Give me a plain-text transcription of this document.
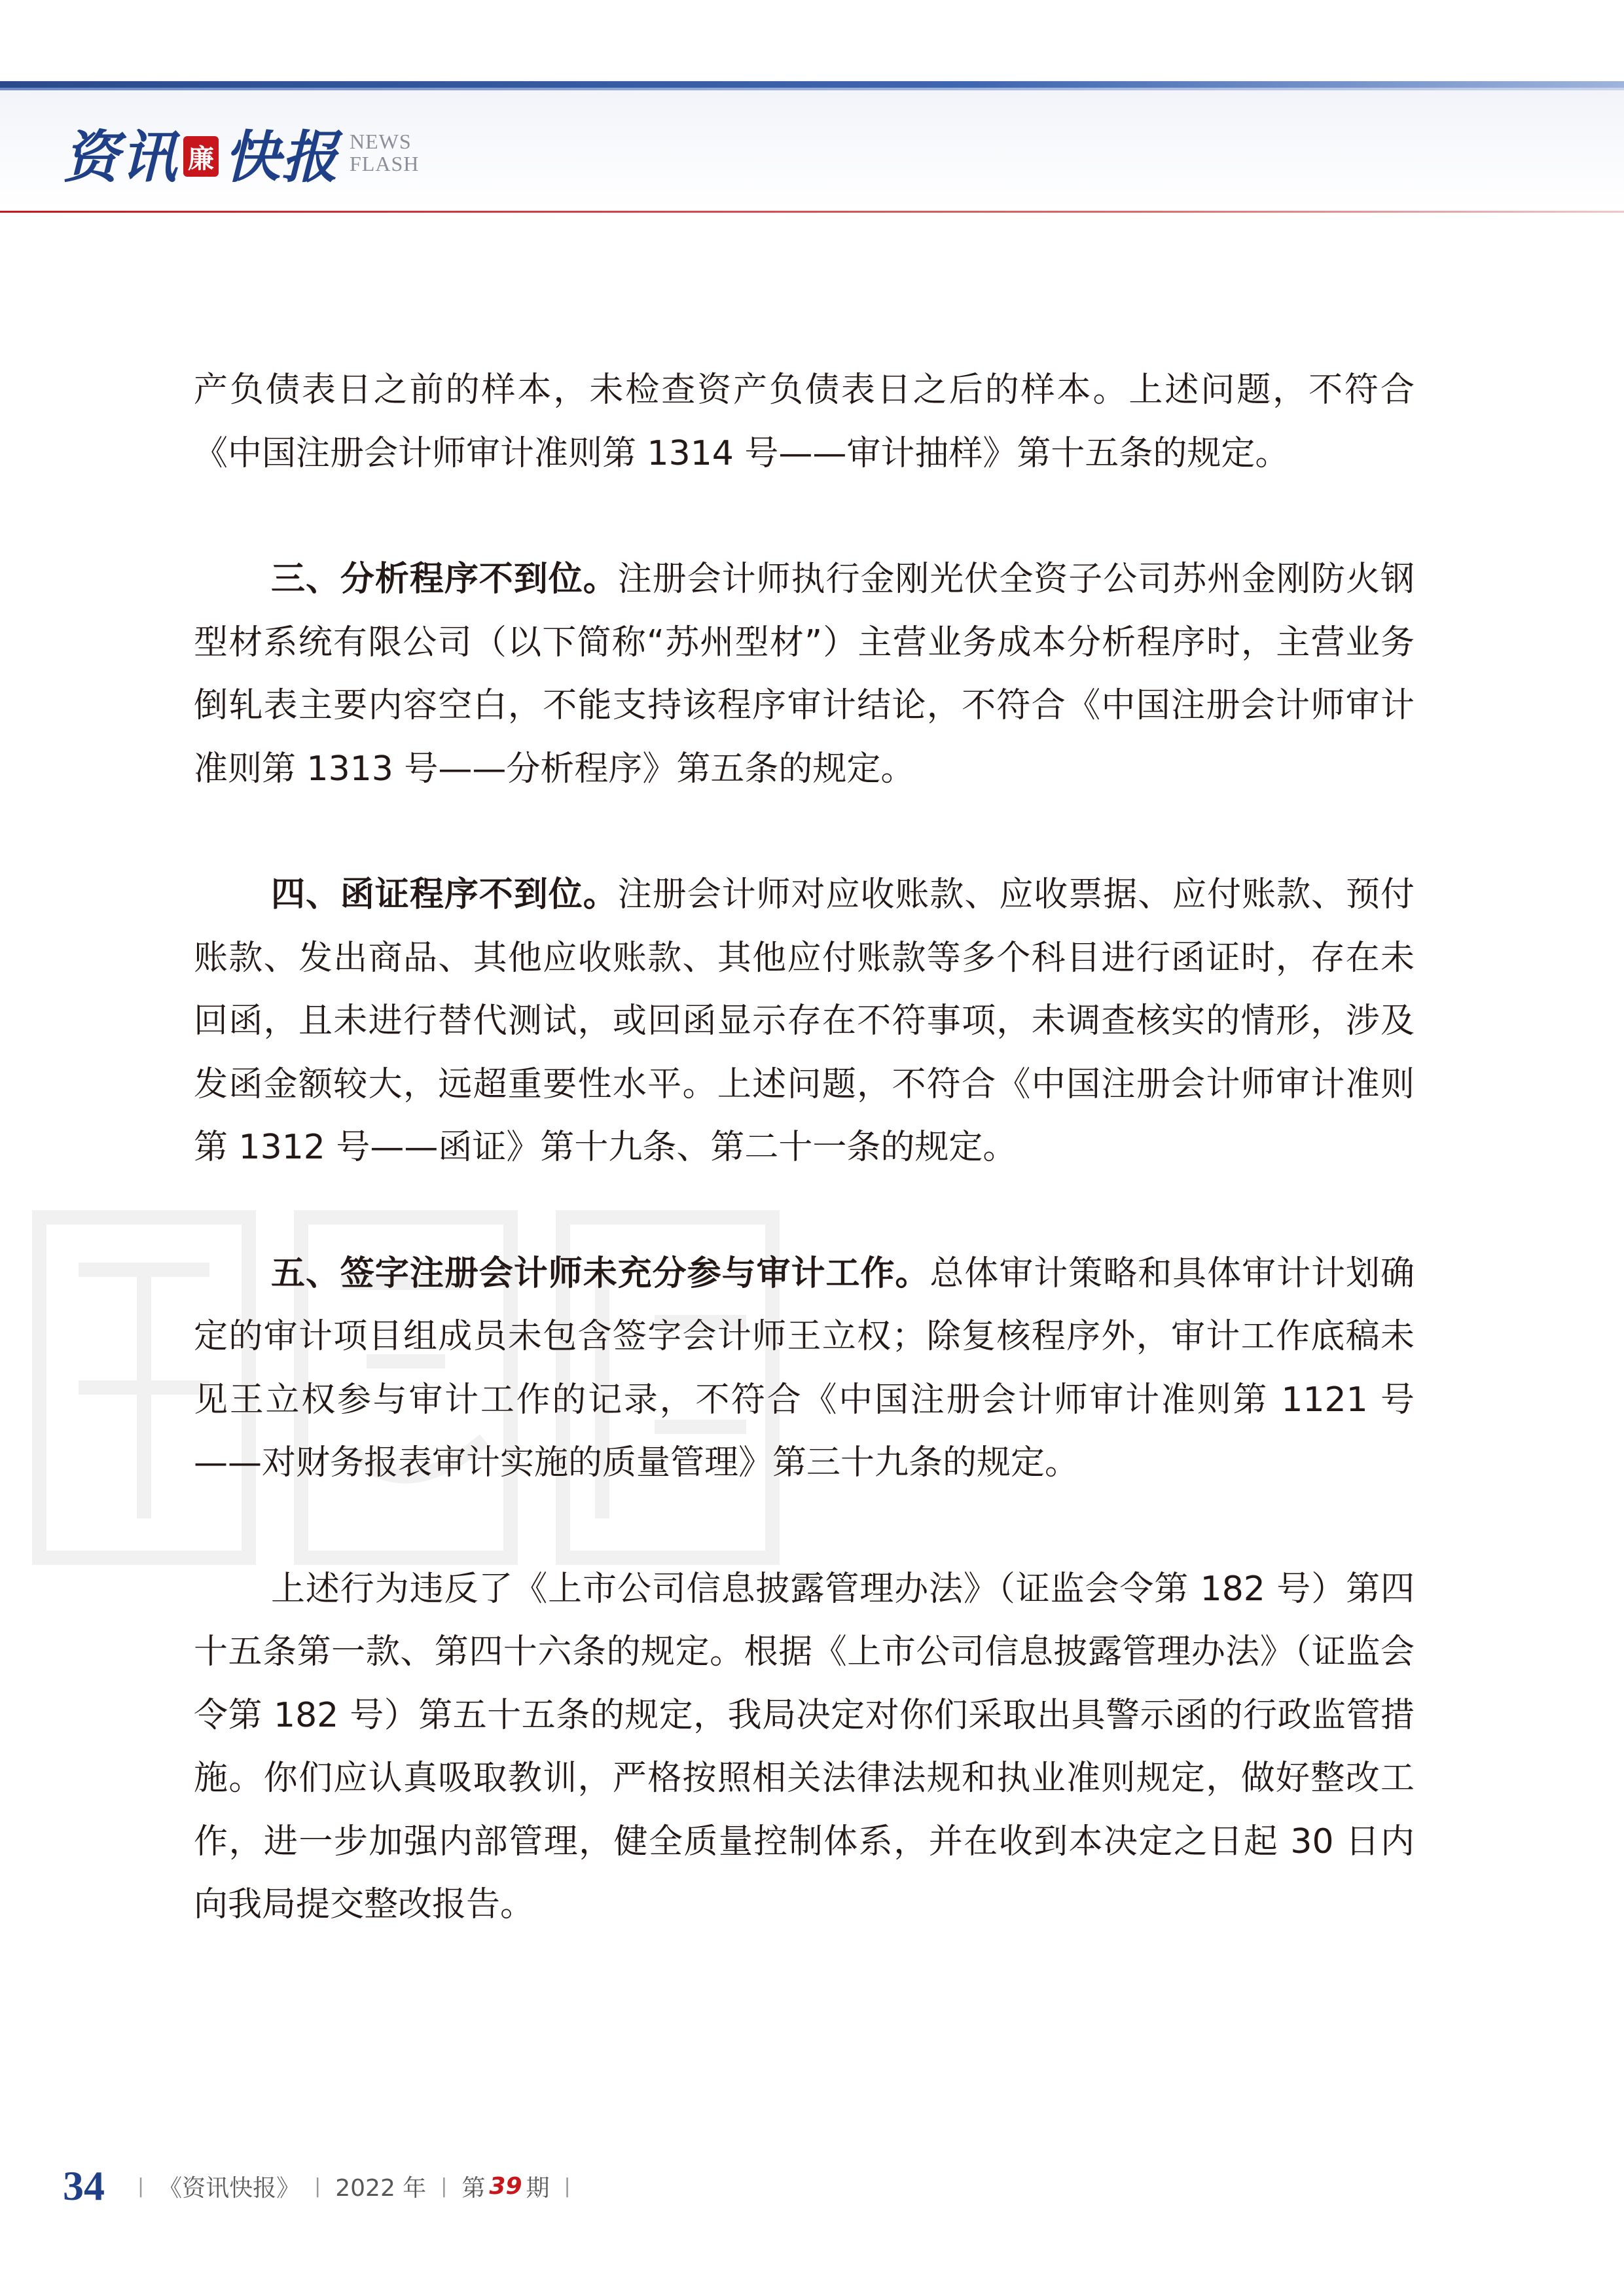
资讯 廉 快报 NEWS
FLASH

产负债表日之前的样本，未检查资产负债表日之后的样本。上述问题，不符合《中国注册会计师审计准则第 1314 号——审计抽样》第十五条的规定。

三、分析程序不到位。注册会计师执行金刚光伏全资子公司苏州金刚防火钢型材系统有限公司（以下简称“苏州型材”）主营业务成本分析程序时，主营业务倒轧表主要内容空白，不能支持该程序审计结论，不符合《中国注册会计师审计准则第 1313 号——分析程序》第五条的规定。

四、函证程序不到位。注册会计师对应收账款、应收票据、应付账款、预付账款、发出商品、其他应收账款、其他应付账款等多个科目进行函证时，存在未回函，且未进行替代测试，或回函显示存在不符事项，未调查核实的情形，涉及发函金额较大，远超重要性水平。上述问题，不符合《中国注册会计师审计准则第 1312 号——函证》第十九条、第二十一条的规定。

五、签字注册会计师未充分参与审计工作。总体审计策略和具体审计计划确定的审计项目组成员未包含签字会计师王立权；除复核程序外，审计工作底稿未见王立权参与审计工作的记录，不符合《中国注册会计师审计准则第 1121 号——对财务报表审计实施的质量管理》第三十九条的规定。

上述行为违反了《上市公司信息披露管理办法》（证监会令第 182 号）第四十五条第一款、第四十六条的规定。根据《上市公司信息披露管理办法》（证监会令第 182 号）第五十五条的规定，我局决定对你们采取出具警示函的行政监管措施。你们应认真吸取教训，严格按照相关法律法规和执业准则规定，做好整改工作，进一步加强内部管理，健全质量控制体系，并在收到本决定之日起 30 日内向我局提交整改报告。

34 | 《资讯快报》 | 2022 年 | 第 39 期 |
